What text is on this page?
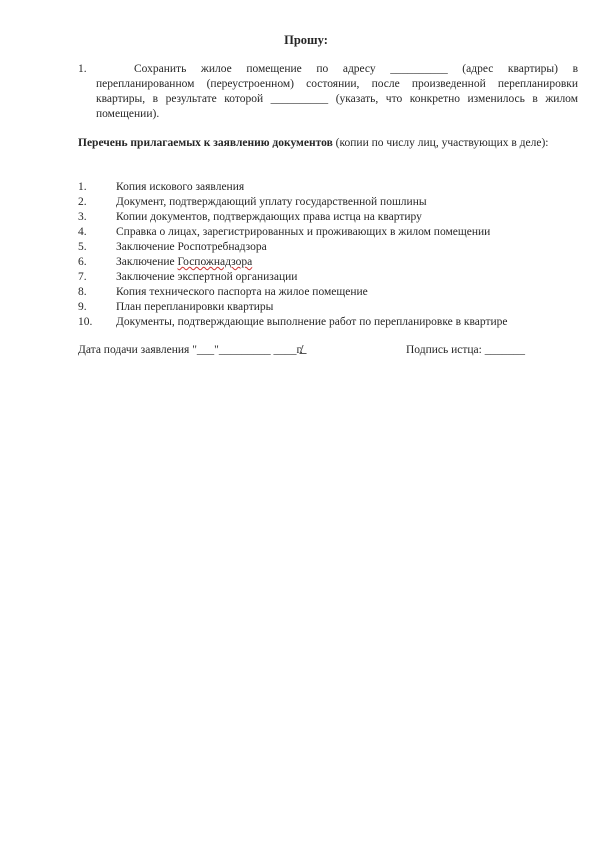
Прошу:
1.	Сохранить жилое помещение по адресу __________ (адрес квартиры) в перепланированном (переустроенном) состоянии, после произведенной перепланировки квартиры, в результате которой __________ (указать, что конкретно изменилось в жилом помещении).
Перечень прилагаемых к заявлению документов (копии по числу лиц, участвующих в деле):
1.	Копия искового заявления
2.	Документ, подтверждающий уплату государственной пошлины
3.	Копии документов, подтверждающих права истца на квартиру
4.	Справка о лицах, зарегистрированных и проживающих в жилом помещении
5.	Заключение Роспотребнадзора
6.	Заключение Госпожнадзора
7.	Заключение экспертной организации
8.	Копия технического паспорта на жилое помещение
9.	План перепланировки квартиры
10. Документы, подтверждающие выполнение работ по перепланировке в квартире
Дата подачи заявления "___"_________ ____г.	Подпись истца: _______
